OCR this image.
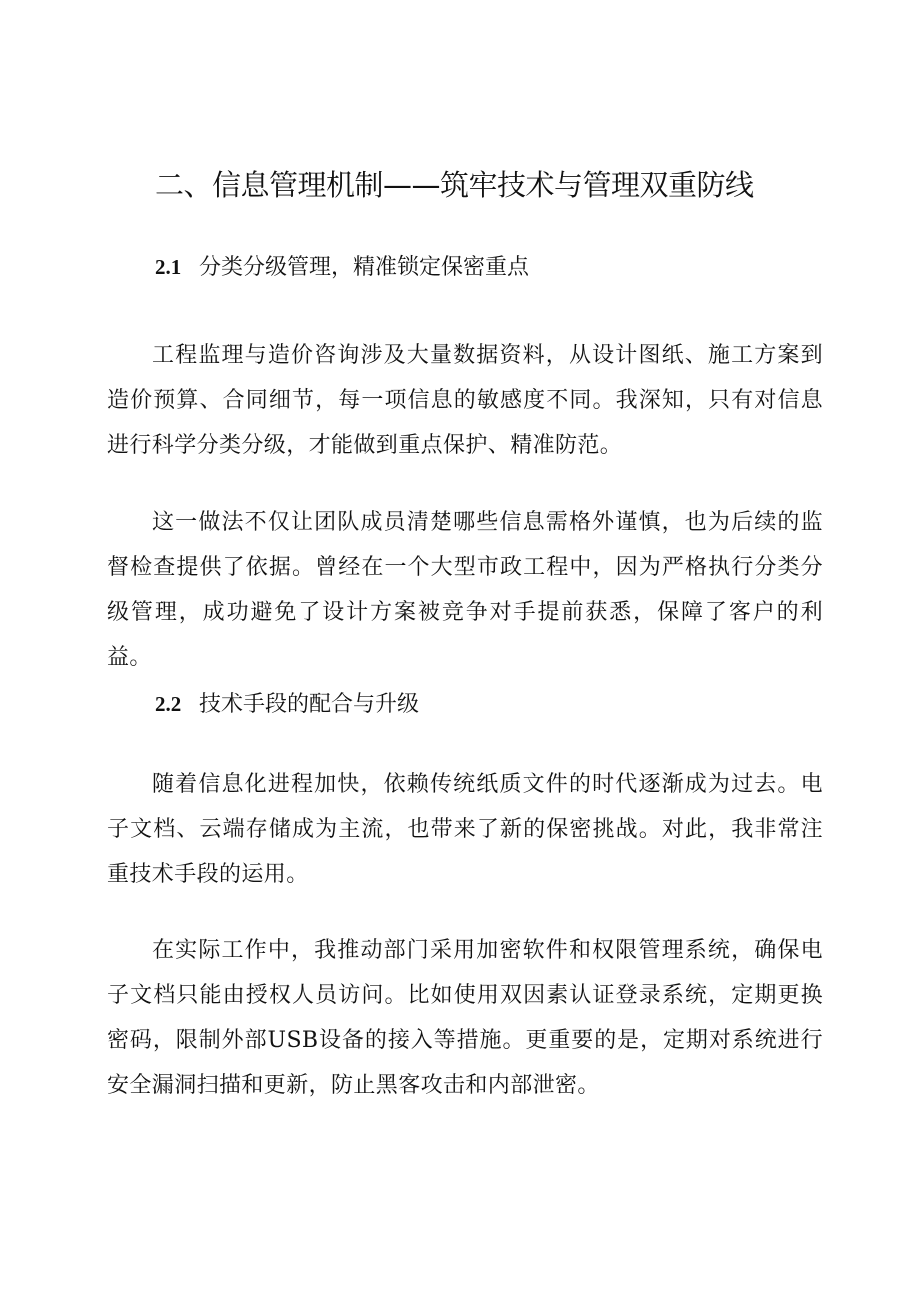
二、信息管理机制——筑牢技术与管理双重防线
2.1 分类分级管理，精准锁定保密重点

工程监理与造价咨询涉及大量数据资料，从设计图纸、施工方案到造价预算、合同细节，每一项信息的敏感度不同。我深知，只有对信息进行科学分类分级，才能做到重点保护、精准防范。

这一做法不仅让团队成员清楚哪些信息需格外谨慎，也为后续的监督检查提供了依据。曾经在一个大型市政工程中，因为严格执行分类分级管理，成功避免了设计方案被竞争对手提前获悉，保障了客户的利益。

2.2 技术手段的配合与升级

随着信息化进程加快，依赖传统纸质文件的时代逐渐成为过去。电子文档、云端存储成为主流，也带来了新的保密挑战。对此，我非常注重技术手段的运用。

在实际工作中，我推动部门采用加密软件和权限管理系统，确保电子文档只能由授权人员访问。比如使用双因素认证登录系统，定期更换密码，限制外部USB设备的接入等措施。更重要的是，定期对系统进行安全漏洞扫描和更新，防止黑客攻击和内部泄密。
